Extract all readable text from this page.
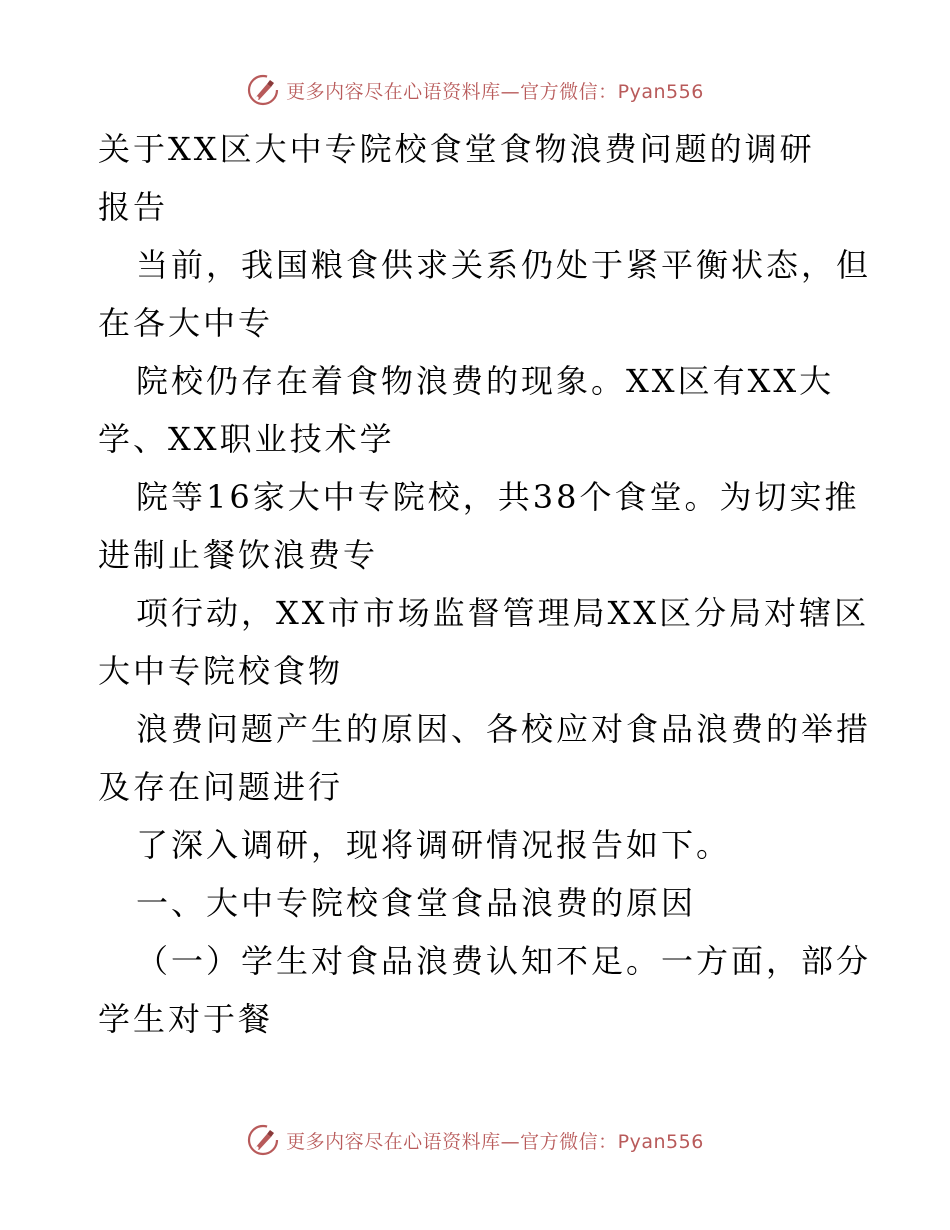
更多内容尽在心语资料库—官方微信：Pyan556
关于XX区大中专院校食堂食物浪费问题的调研
报告
当前，我国粮食供求关系仍处于紧平衡状态，但
在各大中专
院校仍存在着食物浪费的现象。XX区有XX大
学、XX职业技术学
院等16家大中专院校，共38个食堂。为切实推
进制止餐饮浪费专
项行动，XX市市场监督管理局XX区分局对辖区
大中专院校食物
浪费问题产生的原因、各校应对食品浪费的举措
及存在问题进行
了深入调研，现将调研情况报告如下。
一、大中专院校食堂食品浪费的原因
（一）学生对食品浪费认知不足。一方面，部分
学生对于餐
更多内容尽在心语资料库—官方微信：Pyan556
